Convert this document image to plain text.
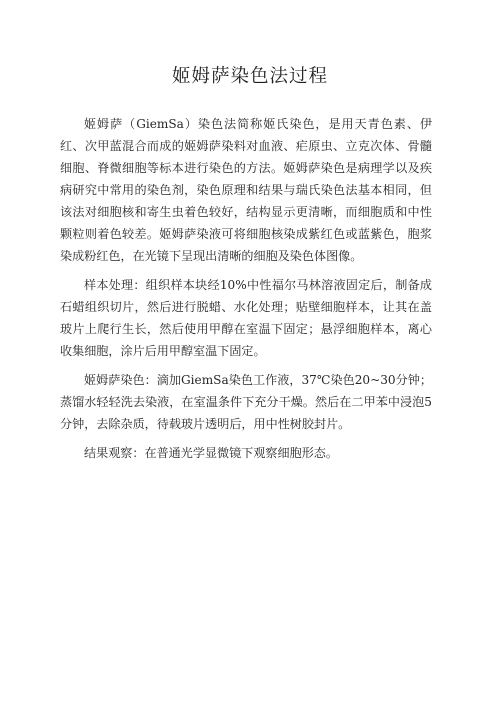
姬姆萨染色法过程

姬姆萨（GiemSa）染色法简称姬氏染色，是用天青色素、伊红、次甲蓝混合而成的姬姆萨染料对血液、疟原虫、立克次体、骨髓细胞、脊微细胞等标本进行染色的方法。姬姆萨染色是病理学以及疾病研究中常用的染色剂，染色原理和结果与瑞氏染色法基本相同，但该法对细胞核和寄生虫着色较好，结构显示更清晰，而细胞质和中性颗粒则着色较差。姬姆萨染液可将细胞核染成紫红色或蓝紫色，胞浆染成粉红色，在光镜下呈现出清晰的细胞及染色体图像。

样本处理：组织样本块经10%中性福尔马林溶液固定后，制备成石蜡组织切片，然后进行脱蜡、水化处理；贴壁细胞样本，让其在盖玻片上爬行生长，然后使用甲醇在室温下固定；悬浮细胞样本，离心收集细胞，涂片后用甲醇室温下固定。

姬姆萨染色：滴加GiemSa染色工作液，37℃染色20~30分钟；蒸馏水轻轻洗去染液，在室温条件下充分干燥。然后在二甲苯中浸泡5分钟，去除杂质，待载玻片透明后，用中性树胶封片。

结果观察：在普通光学显微镜下观察细胞形态。
